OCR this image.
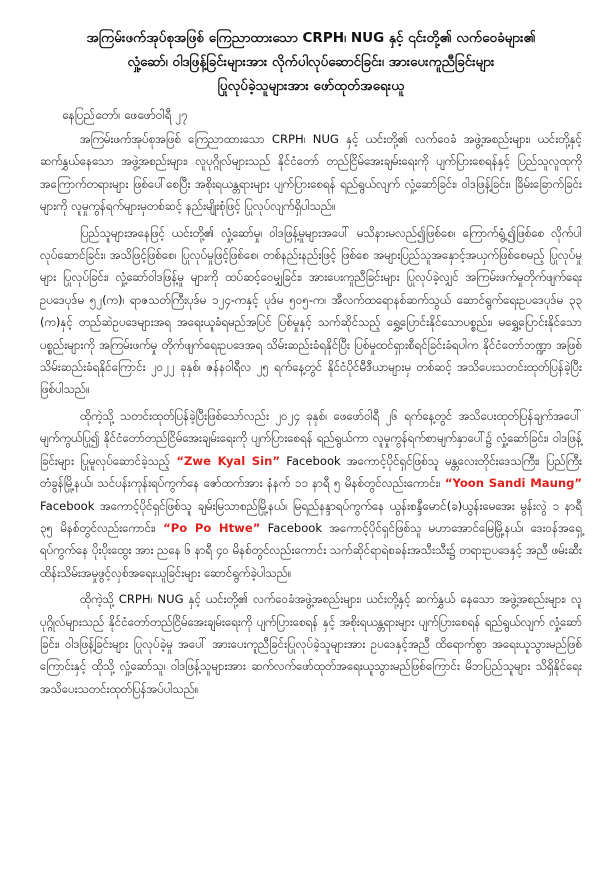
အကြမ်းဖက်အုပ်စုအဖြစ် ကြေညာထားသော CRPH၊ NUG နှင့် ၎င်းတို့၏ လက်ဝေခံများ၏
လှုံ့ဆော်၊ ဝါဒဖြန့်ခြင်းများအား လိုက်ပါလုပ်ဆောင်ခြင်း၊ အားပေးကူညီခြင်းများ
ပြုလုပ်ခဲ့သူများအား ဖော်ထုတ်အရေးယူ
နေပြည်တော်၊ ဖေဖော်ဝါရီ ၂၇

အကြမ်းဖက်အုပ်စုအဖြစ် ကြေညာထားသော CRPH၊ NUG နှင့် ယင်းတို့၏ လက်ဝေခံ အဖွဲ့အစည်းများ၊ ယင်းတို့နှင့် ဆက်နွှယ်နေသော အဖွဲ့အစည်းများ၊ လူပုဂ္ဂိုလ်များသည် နိုင်ငံတော် တည်ငြိမ်အေးချမ်းရေးကို ပျက်ပြားစေရန်နှင့် ပြည်သူလူထုကို အကြောက်တရားများ ဖြစ်ပေါ်စေပြီး အစိုးရယန္တရားများ ပျက်ပြားစေရန် ရည်ရွယ်လျက် လှုံ့ဆော်ခြင်း၊ ဝါဒဖြန့်ခြင်း၊ ခြိမ်းခြောက်ခြင်းများကို လူမှုကွန်ရက်များမှတစ်ဆင့် နည်းမျိုးစုံဖြင့် ပြုလုပ်လျက်ရှိပါသည်။

ပြည်သူများအနေဖြင့် ယင်းတို့၏ လှုံ့ဆော်မှု၊ ဝါဒဖြန့်မှုများအပေါ် မသိနားမလည်၍ဖြစ်စေ၊ ကြောက်ရွံ့၍ဖြစ်စေ လိုက်ပါလုပ်ဆောင်ခြင်း၊ အသိဖြင့်ဖြစ်စေ၊ ပြုလုပ်မှုဖြင့်ဖြစ်စေ၊ တစ်နည်းနည်းဖြင့် ဖြစ်စေ အများပြည်သူအနှောင့်အယှက်ဖြစ်စေမည့် ပြုလုပ်မှုများ ပြုလုပ်ခြင်း၊ လှုံ့ဆော်ဝါဒဖြန့်မှု များကို ထပ်ဆင့်ဝေမျှခြင်း၊ အားပေးကူညီခြင်းများ ပြုလုပ်ခဲ့လျှင် အကြမ်းဖက်မှုတိုက်ဖျက်ရေး ဥပဒေပုဒ်မ ၅၂(က)၊ ရာဇသတ်ကြီးပုဒ်မ ၁၂၄-ကနှင့် ပုဒ်မ ၅၀၅-က၊ အီလက်ထရောနစ်ဆက်သွယ် ဆောင်ရွက်ရေးဥပဒေပုဒ်မ ၃၃ (က)နှင့် တည်ဆဲဥပဒေများအရ အရေးယူခံရမည်အပြင် ပြစ်မှုနှင့် သက်ဆိုင်သည့် ရွှေ့ပြောင်းနိုင်သောပစ္စည်း၊ မရွှေ့ပြောင်းနိုင်သောပစ္စည်းများကို အကြမ်းဖက်မှု တိုက်ဖျက်ရေးဥပဒေအရ သိမ်းဆည်းခံရနိုင်ပြီး ပြစ်မှုထင်ရှားစီရင်ခြင်းခံရပါက နိုင်ငံတော်ဘဏ္ဍာ အဖြစ် သိမ်းဆည်းခံရနိုင်ကြောင်း ၂၀၂၂ ခုနှစ်၊ ဇန်နဝါရီလ ၂၅ ရက်နေ့တွင် နိုင်ငံပိုင်မီဒီယာများမှ တစ်ဆင့် အသိပေးသတင်းထုတ်ပြန်ခဲ့ပြီး ဖြစ်ပါသည်။

ထိုကဲ့သို့ သတင်းထုတ်ပြန်ခဲ့ပြီးဖြစ်သော်လည်း ၂၀၂၄ ခုနှစ်၊ ဖေဖော်ဝါရီ ၂၆ ရက်နေ့တွင် အသိပေးထုတ်ပြန်ချက်အပေါ် မျက်ကွယ်ပြု၍ နိုင်ငံတော်တည်ငြိမ်အေးချမ်းရေးကို ပျက်ပြားစေရန် ရည်ရွယ်ကာ လူမှုကွန်ရက်စာမျက်နှာပေါ်၌ လှုံ့ဆော်ခြင်း၊ ဝါဒဖြန့်ခြင်းများ ပြုမူလုပ်ဆောင်ခဲ့သည့် “Zwe Kyal Sin” Facebook အကောင့်ပိုင်ရှင်ဖြစ်သူ မန္တလေးတိုင်းဒေသကြီး၊ ပြည်ကြီးတံခွန်မြို့နယ်၊ သင်ပန်းကုန်းရပ်ကွက်နေ ဇော်ထက်အား နံနက် ၁၁ နာရီ ၅ မိနစ်တွင်လည်းကောင်း၊ “Yoon Sandi Maung” Facebook အကောင့်ပိုင်ရှင်ဖြစ်သူ ချမ်းမြသာစည်မြို့နယ်၊ မြရည်နန္ဒာရပ်ကွက်နေ ယွန်းစန္ဒီမောင်(ခ)ယွန်းမေအေး မွန်းလွဲ ၁ နာရီ ၃၅ မိနစ်တွင်လည်းကောင်း၊ “Po Po Htwe” Facebook အကောင့်ပိုင်ရှင်ဖြစ်သူ မဟာအောင်မြေမြို့နယ်၊ ဒေးဝန်အရှေ့ရပ်ကွက်နေ ပိုးပိုးထွေး အား ညနေ ၆ နာရီ ၄၀ မိနစ်တွင်လည်းကောင်း သက်ဆိုင်ရာရဲစခန်းအသီးသီး၌ တရားဥပဒေနှင့် အညီ ဖမ်းဆီးထိန်းသိမ်းအမှုဖွင့်လှစ်အရေးယူခြင်းများ ဆောင်ရွက်ခဲ့ပါသည်။

ထိုကဲ့သို့ CRPH၊ NUG နှင့် ယင်းတို့၏ လက်ဝေခံအဖွဲ့အစည်းများ၊ ယင်းတို့နှင့် ဆက်နွှယ် နေသော အဖွဲ့အစည်းများ၊ လူပုဂ္ဂိုလ်များသည် နိုင်ငံတော်တည်ငြိမ်အေးချမ်းရေးကို ပျက်ပြားစေရန် နှင့် အစိုးရယန္တရားများ ပျက်ပြားစေရန် ရည်ရွယ်လျက် လှုံ့ဆော်ခြင်း၊ ဝါဒဖြန့်ခြင်းများ ပြုလုပ်ခဲ့မှု အပေါ် အားပေးကူညီခြင်းပြုလုပ်ခဲ့သူများအား ဥပဒေနှင့်အညီ ထိရောက်စွာ အရေးယူသွားမည်ဖြစ် ကြောင်းနှင့် ထိုသို့ လှုံ့ဆော်သူ၊ ဝါဒဖြန့်သူများအား ဆက်လက်ဖော်ထုတ်အရေးယူသွားမည်ဖြစ်ကြောင်း မိဘပြည်သူများ သိရှိနိုင်ရေး အသိပေးသတင်းထုတ်ပြန်အပ်ပါသည်။
